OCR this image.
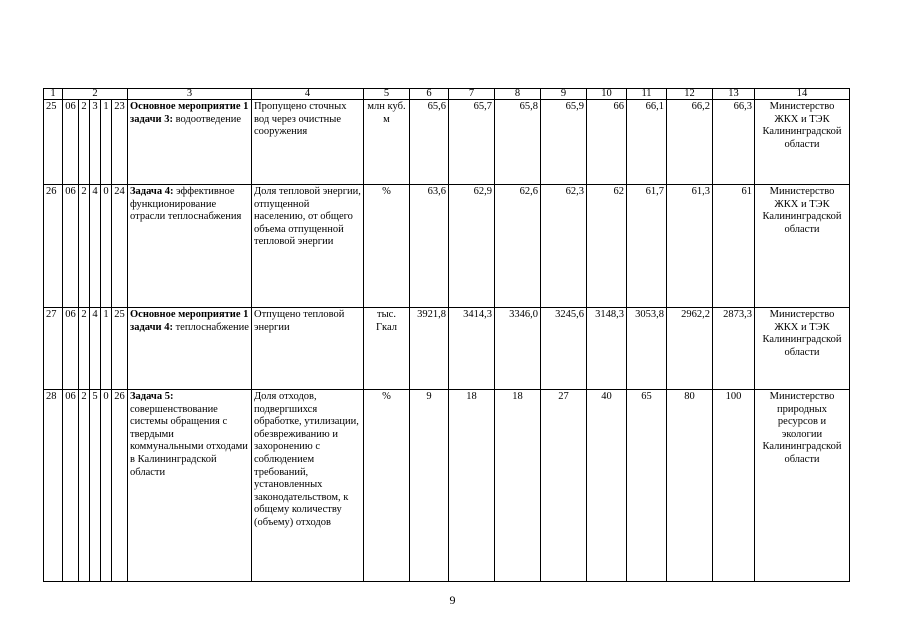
1	2					3	4	5	6	7	8	9	10	11	12	13	14
25	06	2	3	1	23	Основное мероприятие 1 задачи 3: водоотведение	Пропущено сточных вод через очистные сооружения	млн куб. м	65,6	65,7	65,8	65,9	66	66,1	66,2	66,3	Министерство ЖКХ и ТЭК Калининградской области
26	06	2	4	0	24	Задача 4: эффективное функционирование отрасли теплоснабжения	Доля тепловой энергии, отпущенной населению, от общего объема отпущенной тепловой энергии	%	63,6	62,9	62,6	62,3	62	61,7	61,3	61	Министерство ЖКХ и ТЭК Калининградской области
27	06	2	4	1	25	Основное мероприятие 1 задачи 4: теплоснабжение	Отпущено тепловой энергии	тыс. Гкал	3921,8	3414,3	3346,0	3245,6	3148,3	3053,8	2962,2	2873,3	Министерство ЖКХ и ТЭК Калининградской области
28	06	2	5	0	26	Задача 5: совершенствование системы обращения с твердыми коммунальными отходами в Калининградской области	Доля отходов, подвергшихся обработке, утилизации, обезвреживанию и захоронению с соблюдением требований, установленных законодательством, к общему количеству (объему) отходов	%	9	18	18	27	40	65	80	100	Министерство природных ресурсов и экологии Калининградской области
9
